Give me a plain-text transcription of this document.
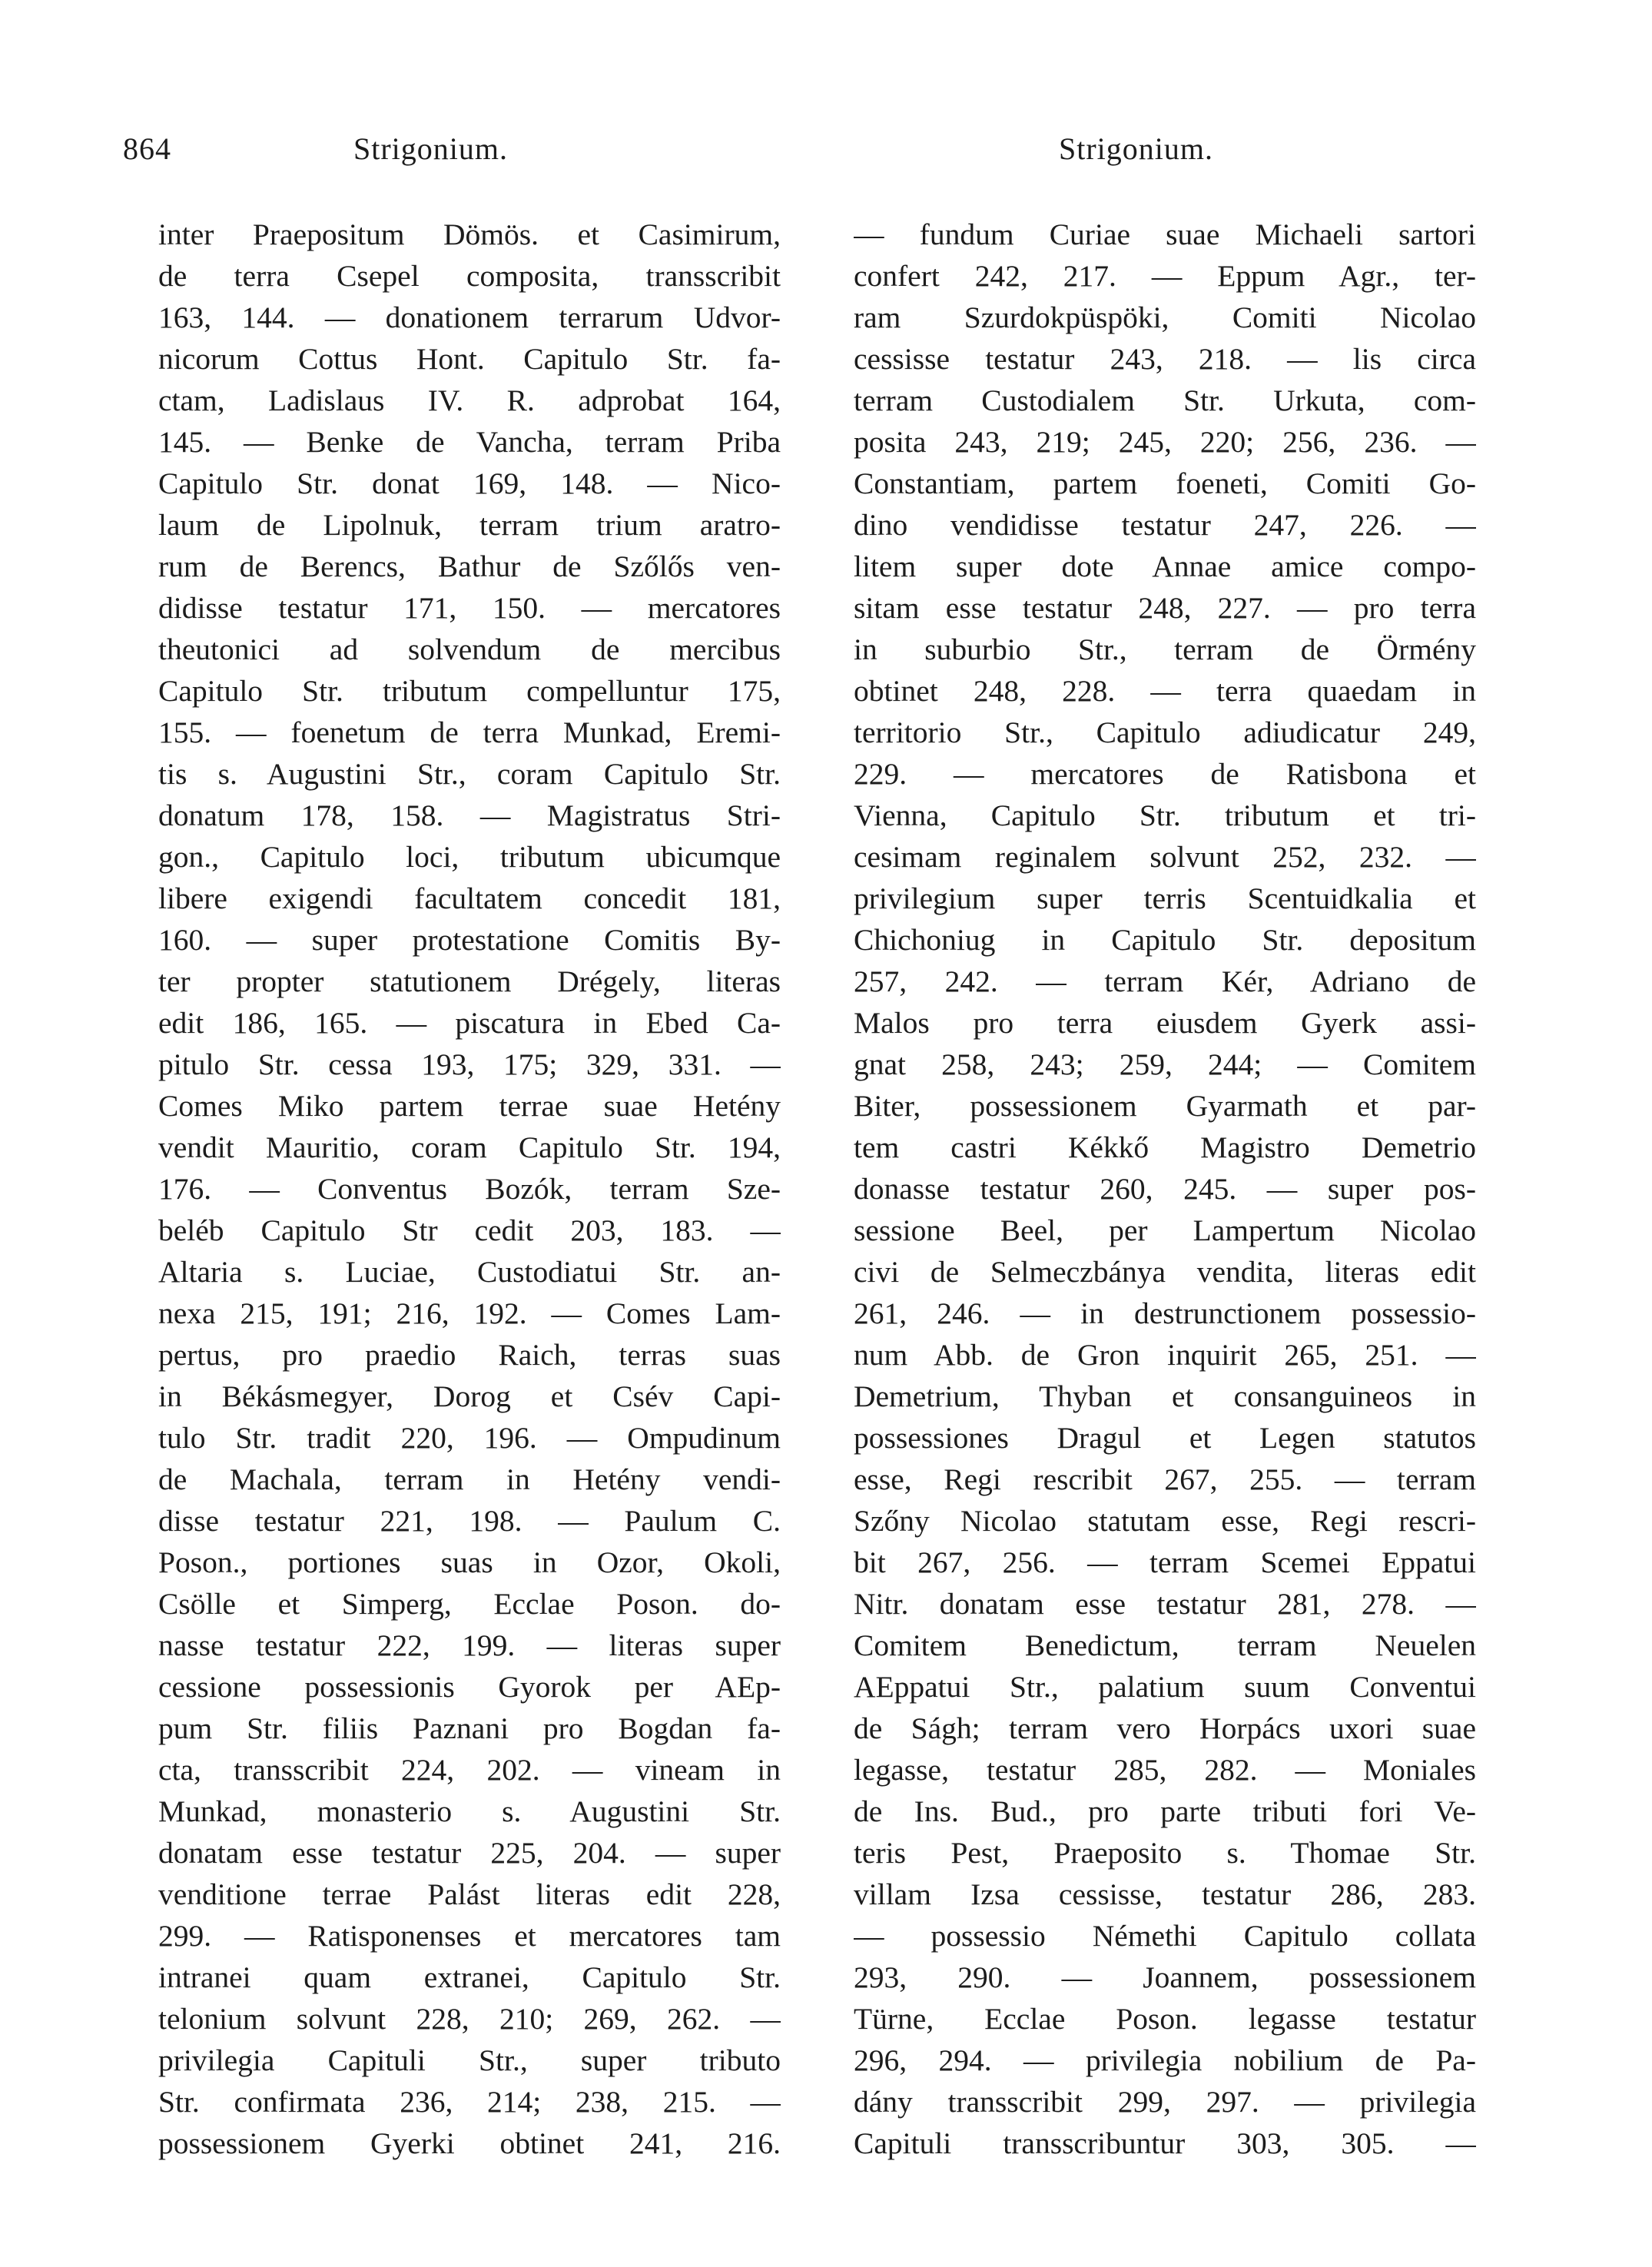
864	Strigonium.	Strigonium.
inter Praepositum Dömös. et Casimirum,
de terra Csepel composita, transscribit
163, 144. — donationem terrarum Udvor-
nicorum Cottus Hont. Capitulo Str. fa-
ctam, Ladislaus IV. R. adprobat 164,
145. — Benke de Vancha, terram Priba
Capitulo Str. donat 169, 148. — Nico-
laum de Lipolnuk, terram trium aratro-
rum de Berencs, Bathur de Szőlős ven-
didisse testatur 171, 150. — mercatores
theutonici ad solvendum de mercibus
Capitulo Str. tributum compelluntur 175,
155. — foenetum de terra Munkad, Eremi-
tis s. Augustini Str., coram Capitulo Str.
donatum 178, 158. — Magistratus Stri-
gon., Capitulo loci, tributum ubicumque
libere exigendi facultatem concedit 181,
160. — super protestatione Comitis By-
ter propter statutionem Drégely, literas
edit 186, 165. — piscatura in Ebed Ca-
pitulo Str. cessa 193, 175; 329, 331. —
Comes Miko partem terrae suae Hetény
vendit Mauritio, coram Capitulo Str. 194,
176. — Conventus Bozók, terram Sze-
beléb Capitulo Str cedit 203, 183. —
Altaria s. Luciae, Custodiatui Str. an-
nexa 215, 191; 216, 192. — Comes Lam-
pertus, pro praedio Raich, terras suas
in Békásmegyer, Dorog et Csév Capi-
tulo Str. tradit 220, 196. — Ompudinum
de Machala, terram in Hetény vendi-
disse testatur 221, 198. — Paulum C.
Poson., portiones suas in Ozor, Okoli,
Csölle et Simperg, Ecclae Poson. do-
nasse testatur 222, 199. — literas super
cessione possessionis Gyorok per AEp-
pum Str. filiis Paznani pro Bogdan fa-
cta, transscribit 224, 202. — vineam in
Munkad, monasterio s. Augustini Str.
donatam esse testatur 225, 204. — super
venditione terrae Palást literas edit 228,
299. — Ratisponenses et mercatores tam
intranei quam extranei, Capitulo Str.
telonium solvunt 228, 210; 269, 262. —
privilegia Capituli Str., super tributo
Str. confirmata 236, 214; 238, 215. —
possessionem Gyerki obtinet 241, 216.
— fundum Curiae suae Michaeli sartori
confert 242, 217. — Eppum Agr., ter-
ram Szurdokpüspöki, Comiti Nicolao
cessisse testatur 243, 218. — lis circa
terram Custodialem Str. Urkuta, com-
posita 243, 219; 245, 220; 256, 236. —
Constantiam, partem foeneti, Comiti Go-
dino vendidisse testatur 247, 226. —
litem super dote Annae amice compo-
sitam esse testatur 248, 227. — pro terra
in suburbio Str., terram de Örmény
obtinet 248, 228. — terra quaedam in
territorio Str., Capitulo adiudicatur 249,
229. — mercatores de Ratisbona et
Vienna, Capitulo Str. tributum et tri-
cesimam reginalem solvunt 252, 232. —
privilegium super terris Scentuidkalia et
Chichoniug in Capitulo Str. depositum
257, 242. — terram Kér, Adriano de
Malos pro terra eiusdem Gyerk assi-
gnat 258, 243; 259, 244; — Comitem
Biter, possessionem Gyarmath et par-
tem castri Kékkő Magistro Demetrio
donasse testatur 260, 245. — super pos-
sessione Beel, per Lampertum Nicolao
civi de Selmeczbánya vendita, literas edit
261, 246. — in destrunctionem possessio-
num Abb. de Gron inquirit 265, 251. —
Demetrium, Thyban et consanguineos in
possessiones Dragul et Legen statutos
esse, Regi rescribit 267, 255. — terram
Szőny Nicolao statutam esse, Regi rescri-
bit 267, 256. — terram Scemei Eppatui
Nitr. donatam esse testatur 281, 278. —
Comitem Benedictum, terram Neuelen
AEppatui Str., palatium suum Conventui
de Ságh; terram vero Horpács uxori suae
legasse, testatur 285, 282. — Moniales
de Ins. Bud., pro parte tributi fori Ve-
teris Pest, Praeposito s. Thomae Str.
villam Izsa cessisse, testatur 286, 283.
— possessio Némethi Capitulo collata
293, 290. — Joannem, possessionem
Türne, Ecclae Poson. legasse testatur
296, 294. — privilegia nobilium de Pa-
dány transscribit 299, 297. — privilegia
Capituli transscribuntur 303, 305. —
